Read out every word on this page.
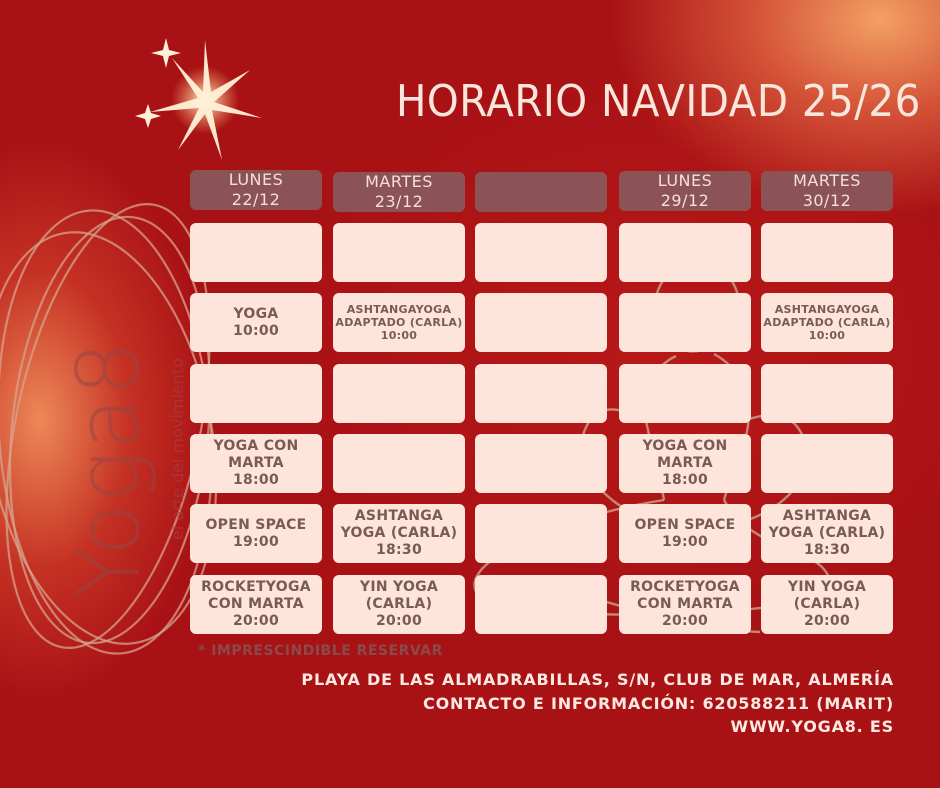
Yoga8 el arte del movimiento
HORARIO NAVIDAD 25/26
LUNES
22/12
MARTES
23/12
LUNES
29/12
MARTES
30/12
YOGA
10:00
ASHTANGAYOGA
ADAPTADO (CARLA)
10:00
ASHTANGAYOGA
ADAPTADO (CARLA)
10:00
YOGA CON
MARTA
18:00
YOGA CON
MARTA
18:00
OPEN SPACE
19:00
ASHTANGA
YOGA (CARLA)
18:30
OPEN SPACE
19:00
ASHTANGA
YOGA (CARLA)
18:30
ROCKETYOGA
CON MARTA
20:00
YIN YOGA
(CARLA)
20:00
ROCKETYOGA
CON MARTA
20:00
YIN YOGA
(CARLA)
20:00
* IMPRESCINDIBLE RESERVAR
PLAYA DE LAS ALMADRABILLAS, S/N, CLUB DE MAR, ALMERÍA
CONTACTO E INFORMACIÓN: 620588211 (MARIT)
WWW.YOGA8. ES
